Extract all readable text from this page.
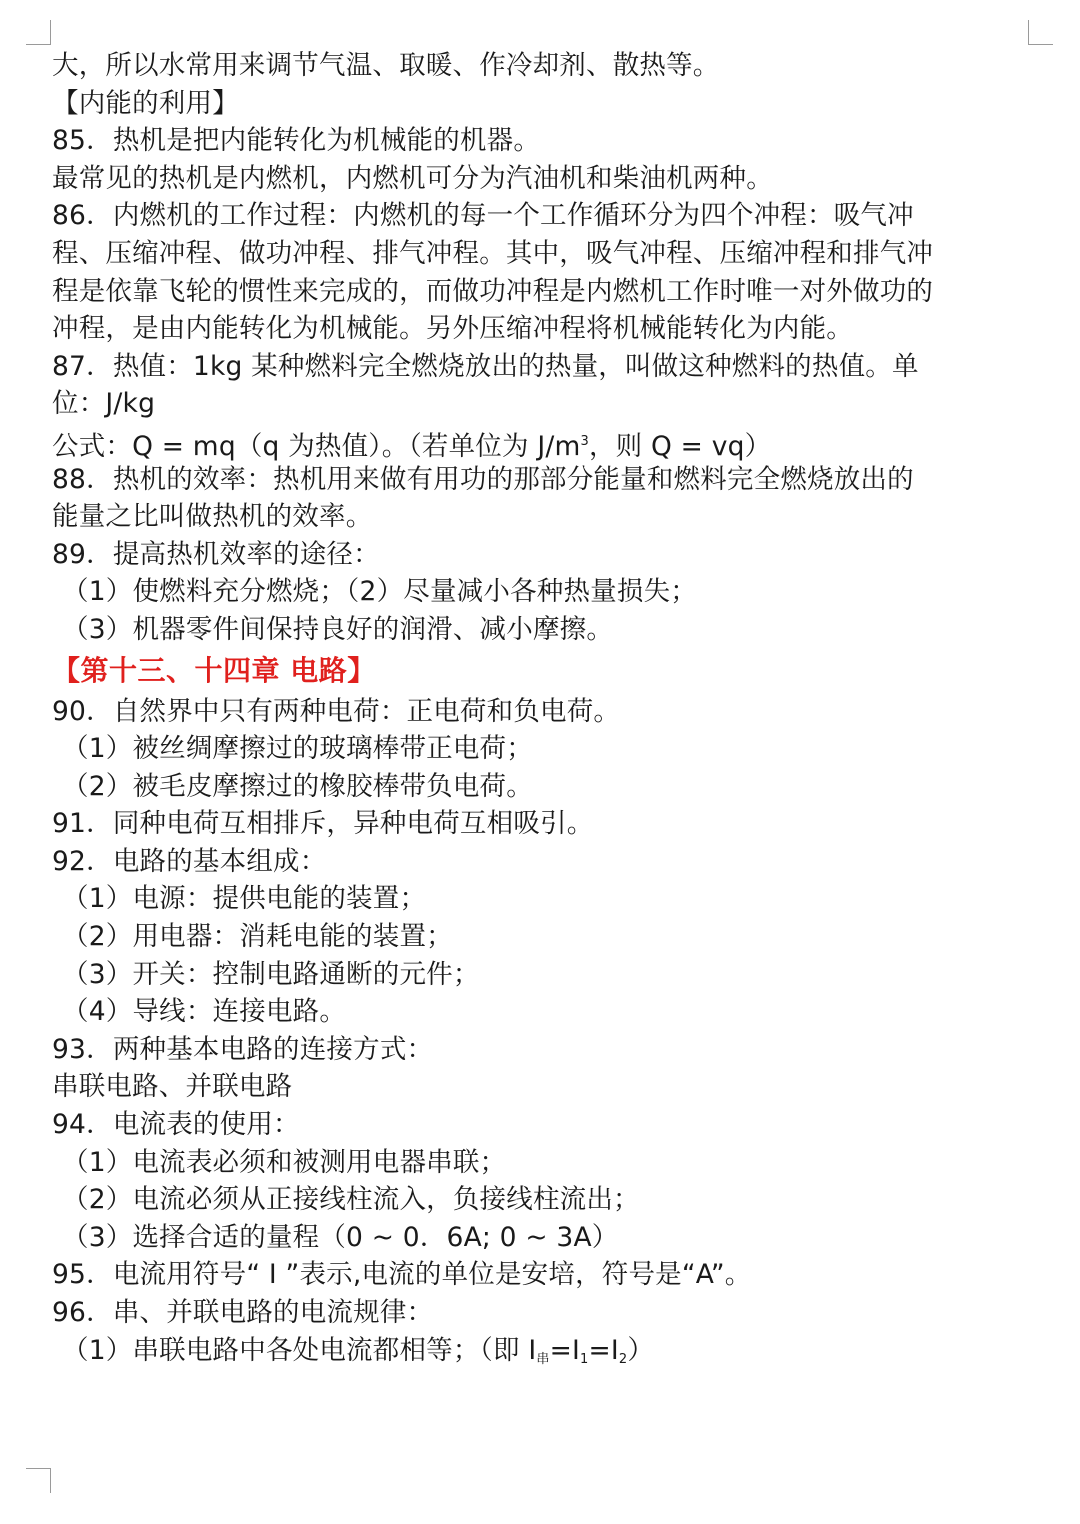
大，所以水常用来调节气温、取暖、作冷却剂、散热等。
【内能的利用】
85．热机是把内能转化为机械能的机器。
最常见的热机是内燃机，内燃机可分为汽油机和柴油机两种。
86．内燃机的工作过程：内燃机的每一个工作循环分为四个冲程：吸气冲
程、压缩冲程、做功冲程、排气冲程。其中，吸气冲程、压缩冲程和排气冲
程是依靠飞轮的惯性来完成的，而做功冲程是内燃机工作时唯一对外做功的
冲程，是由内能转化为机械能。另外压缩冲程将机械能转化为内能。
87．热值：1kg 某种燃料完全燃烧放出的热量，叫做这种燃料的热值。单
位：J/kg
公式：Q = mq（q 为热值）。（若单位为 $J/m^3$，则 Q = vq）
88．热机的效率：热机用来做有用功的那部分能量和燃料完全燃烧放出的
能量之比叫做热机的效率。
89．提高热机效率的途径：
（1）使燃料充分燃烧；（2）尽量减小各种热量损失；
（3）机器零件间保持良好的润滑、减小摩擦。
【第十三、十四章 电路】
90．自然界中只有两种电荷：正电荷和负电荷。
（1）被丝绸摩擦过的玻璃棒带正电荷；
（2）被毛皮摩擦过的橡胶棒带负电荷。
91．同种电荷互相排斥，异种电荷互相吸引。
92．电路的基本组成：
（1）电源：提供电能的装置；
（2）用电器：消耗电能的装置；
（3）开关：控制电路通断的元件；
（4）导线：连接电路。
93．两种基本电路的连接方式：
串联电路、并联电路
94．电流表的使用：
（1）电流表必须和被测用电器串联；
（2）电流必须从正接线柱流入，负接线柱流出；
（3）选择合适的量程（0 ~ 0．6A; 0 ~ 3A）
95．电流用符号“ I ”表示,电流的单位是安培，符号是“A”。
96．串、并联电路的电流规律：
（1）串联电路中各处电流都相等；（即 $I_串=I_1=I_2$）
